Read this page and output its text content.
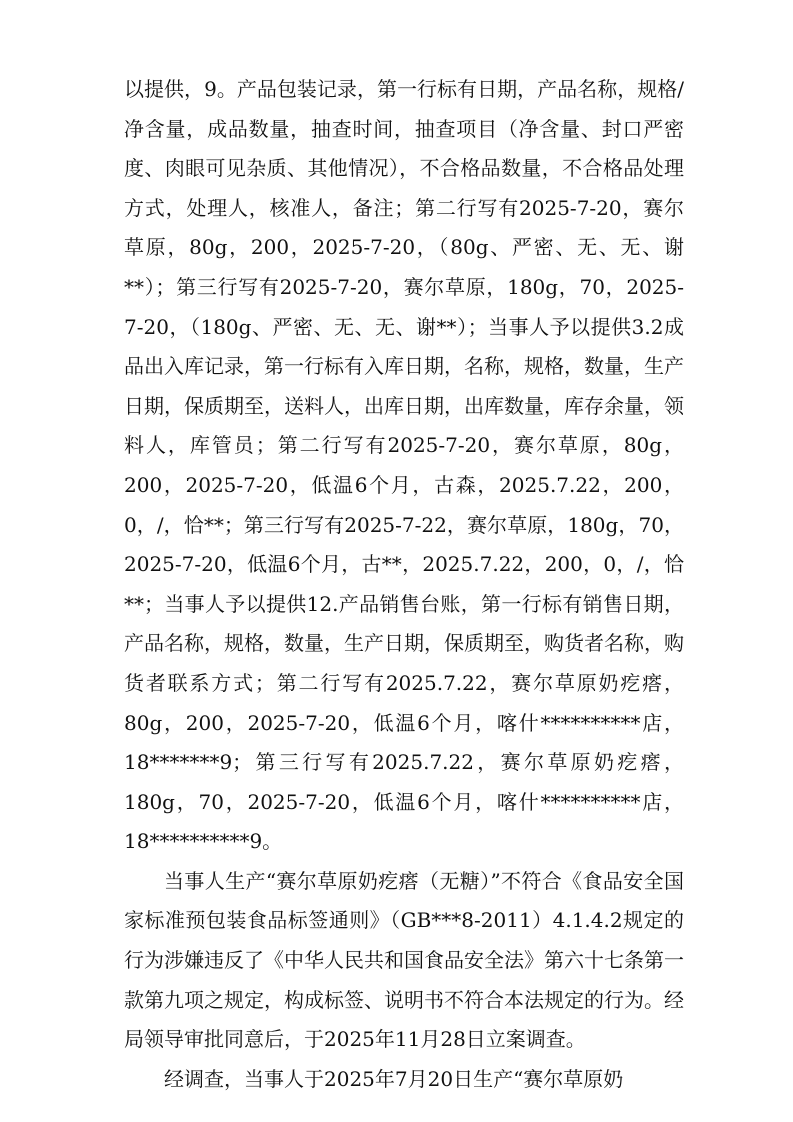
以提供，9。产品包装记录，第一行标有日期，产品名称，规格/净含量，成品数量，抽查时间，抽查项目（净含量、封口严密度、肉眼可见杂质、其他情况），不合格品数量，不合格品处理方式，处理人，核准人，备注；第二行写有2025-7-20，赛尔草原，80g，200，2025-7-20，（80g、严密、无、无、谢**）；第三行写有2025-7-20，赛尔草原，180g，70，2025-7-20，（180g、严密、无、无、谢**）；当事人予以提供3.2成品出入库记录，第一行标有入库日期，名称，规格，数量，生产日期，保质期至，送料人，出库日期，出库数量，库存余量，领料人，库管员；第二行写有2025-7-20，赛尔草原，80g，200，2025-7-20，低温6个月，古森，2025.7.22，200，0，/，恰**；第三行写有2025-7-22，赛尔草原，180g，70，2025-7-20，低温6个月，古**，2025.7.22，200，0，/，恰**；当事人予以提供12.产品销售台账，第一行标有销售日期，产品名称，规格，数量，生产日期，保质期至，购货者名称，购货者联系方式；第二行写有2025.7.22，赛尔草原奶疙瘩，80g，200，2025-7-20，低温6个月，喀什**********店，18*******9；第三行写有2025.7.22，赛尔草原奶疙瘩，180g，70，2025-7-20，低温6个月，喀什**********店，18**********9。

当事人生产“赛尔草原奶疙瘩（无糖）”不符合《食品安全国家标准预包装食品标签通则》（GB***8-2011）4.1.4.2规定的行为涉嫌违反了《中华人民共和国食品安全法》第六十七条第一款第九项之规定，构成标签、说明书不符合本法规定的行为。经局领导审批同意后，于2025年11月28日立案调查。

经调查，当事人于2025年7月20日生产“赛尔草原奶
